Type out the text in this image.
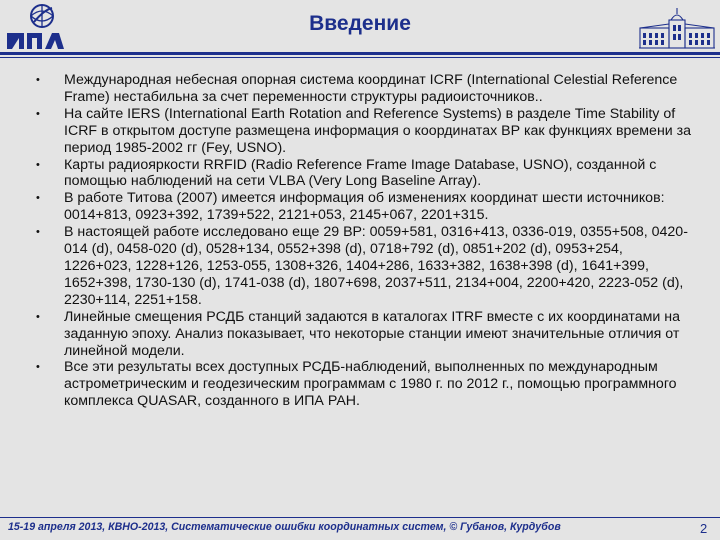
Введение
• Международная небесная опорная система координат ICRF (International Celestial Reference Frame) нестабильна за счет переменности структуры радиоисточников..
• На сайте IERS (International Earth Rotation and Reference Systems) в разделе Time Stability of ICRF в открытом доступе размещена информация о координатах ВР как функциях времени за период 1985-2002 гг (Fey, USNO).
• Карты радиояркости RRFID (Radio Reference Frame Image Database, USNO), созданной с помощью наблюдений на сети VLBA (Very Long Baseline Array).
• В работе Титова (2007) имеется информация об изменениях координат шести источников: 0014+813, 0923+392, 1739+522, 2121+053, 2145+067, 2201+315.
• В настоящей работе исследовано еще 29 ВР: 0059+581, 0316+413, 0336-019, 0355+508, 0420-014 (d), 0458-020 (d), 0528+134, 0552+398 (d), 0718+792 (d), 0851+202 (d), 0953+254, 1226+023, 1228+126, 1253-055, 1308+326, 1404+286, 1633+382, 1638+398 (d), 1641+399, 1652+398, 1730-130 (d), 1741-038 (d), 1807+698, 2037+511, 2134+004, 2200+420, 2223-052 (d), 2230+114, 2251+158.
• Линейные смещения РСДБ станций задаются в каталогах ITRF вместе с их координатами на заданную эпоху. Анализ показывает, что некоторые станции имеют значительные отличия от линейной модели.
• Все эти результаты всех доступных РСДБ-наблюдений, выполненных по международным астрометрическим и геодезическим программам с 1980 г. по 2012 г., помощью программного комплекса QUASAR, созданного в ИПА РАН.
15-19 апреля 2013, КВНО-2013, Систематические ошибки координатных систем, © Губанов, Курдубов	2
